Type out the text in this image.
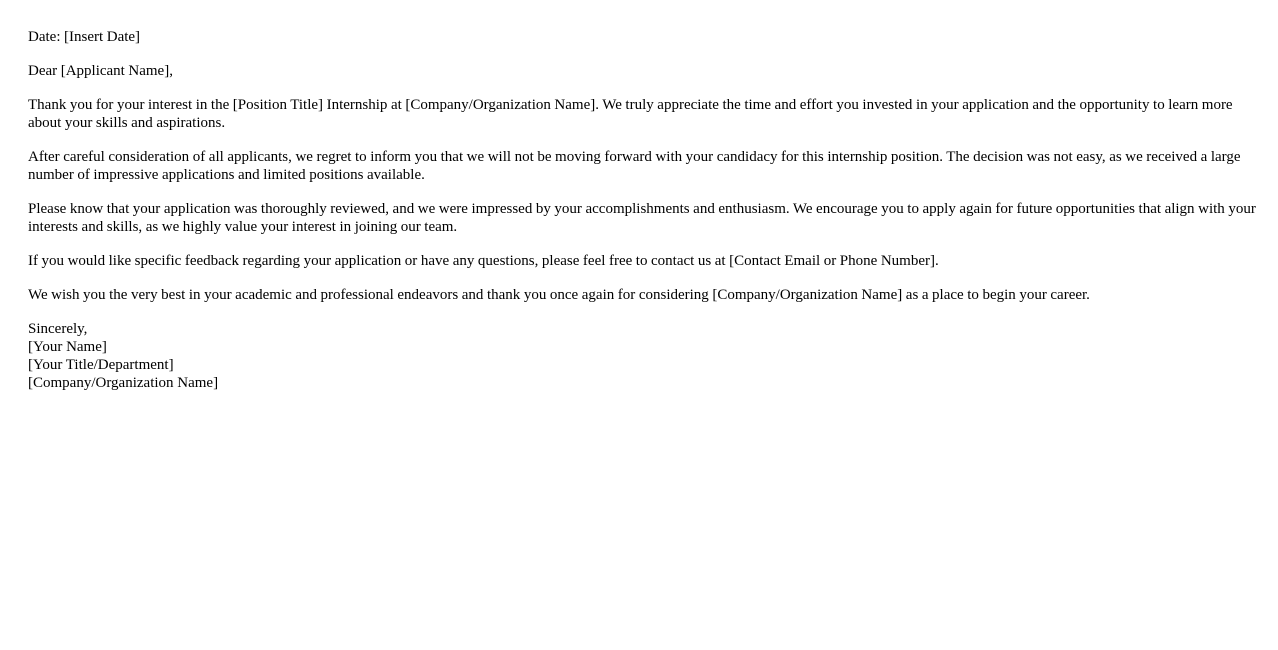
Date: [Insert Date]

Dear [Applicant Name],

Thank you for your interest in the [Position Title] Internship at [Company/Organization Name]. We truly appreciate the time and effort you invested in your application and the opportunity to learn more about your skills and aspirations.

After careful consideration of all applicants, we regret to inform you that we will not be moving forward with your candidacy for this internship position. The decision was not easy, as we received a large number of impressive applications and limited positions available.

Please know that your application was thoroughly reviewed, and we were impressed by your accomplishments and enthusiasm. We encourage you to apply again for future opportunities that align with your interests and skills, as we highly value your interest in joining our team.

If you would like specific feedback regarding your application or have any questions, please feel free to contact us at [Contact Email or Phone Number].

We wish you the very best in your academic and professional endeavors and thank you once again for considering [Company/Organization Name] as a place to begin your career.

Sincerely,
[Your Name]
[Your Title/Department]
[Company/Organization Name]
